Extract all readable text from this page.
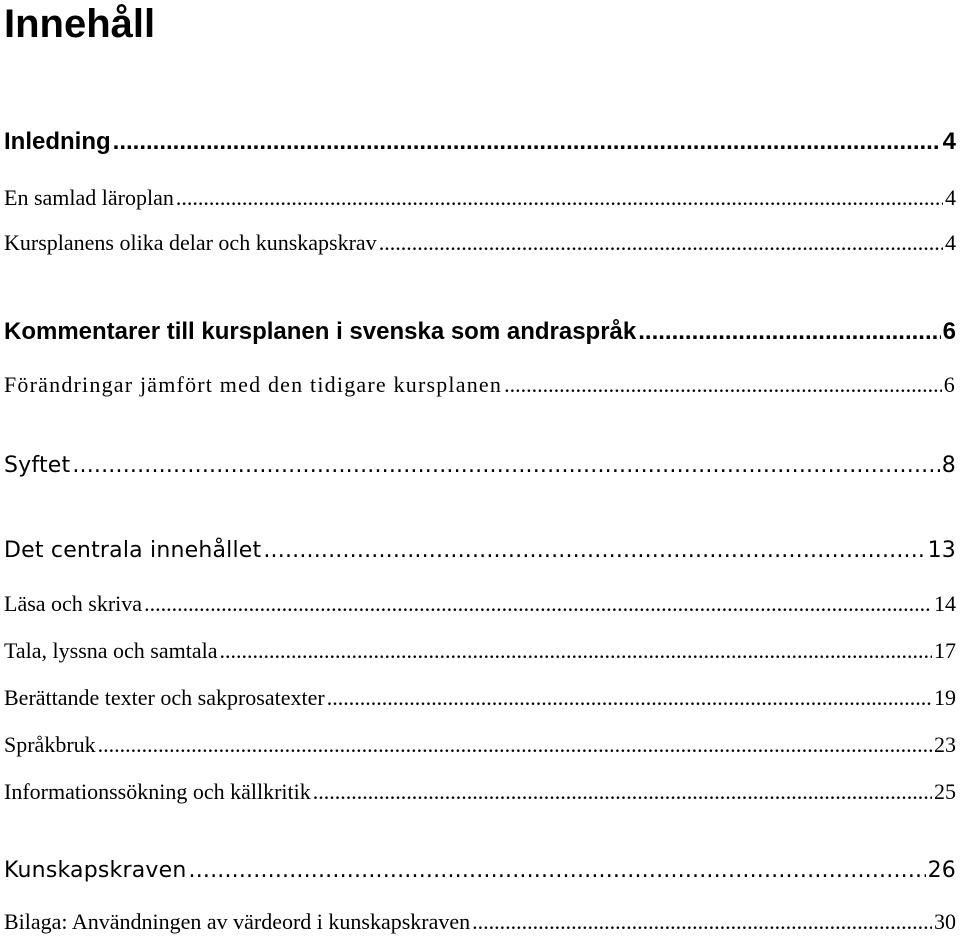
Innehåll
Inledning .....	4
En samlad läroplan .....	4
Kursplanens olika delar och kunskapskrav .....	4
Kommentarer till kursplanen i svenska som andraspråk .....	6
Förändringar jämfört med den tidigare kursplanen .....	6
Syftet .....	8
Det centrala innehållet .....	13
Läsa och skriva .....	14
Tala, lyssna och samtala .....	17
Berättande texter och sakprosatexter .....	19
Språkbruk .....	23
Informationssökning och källkritik .....	25
Kunskapskraven .....	26
Bilaga: Användningen av värdeord i kunskapskraven .....	30
